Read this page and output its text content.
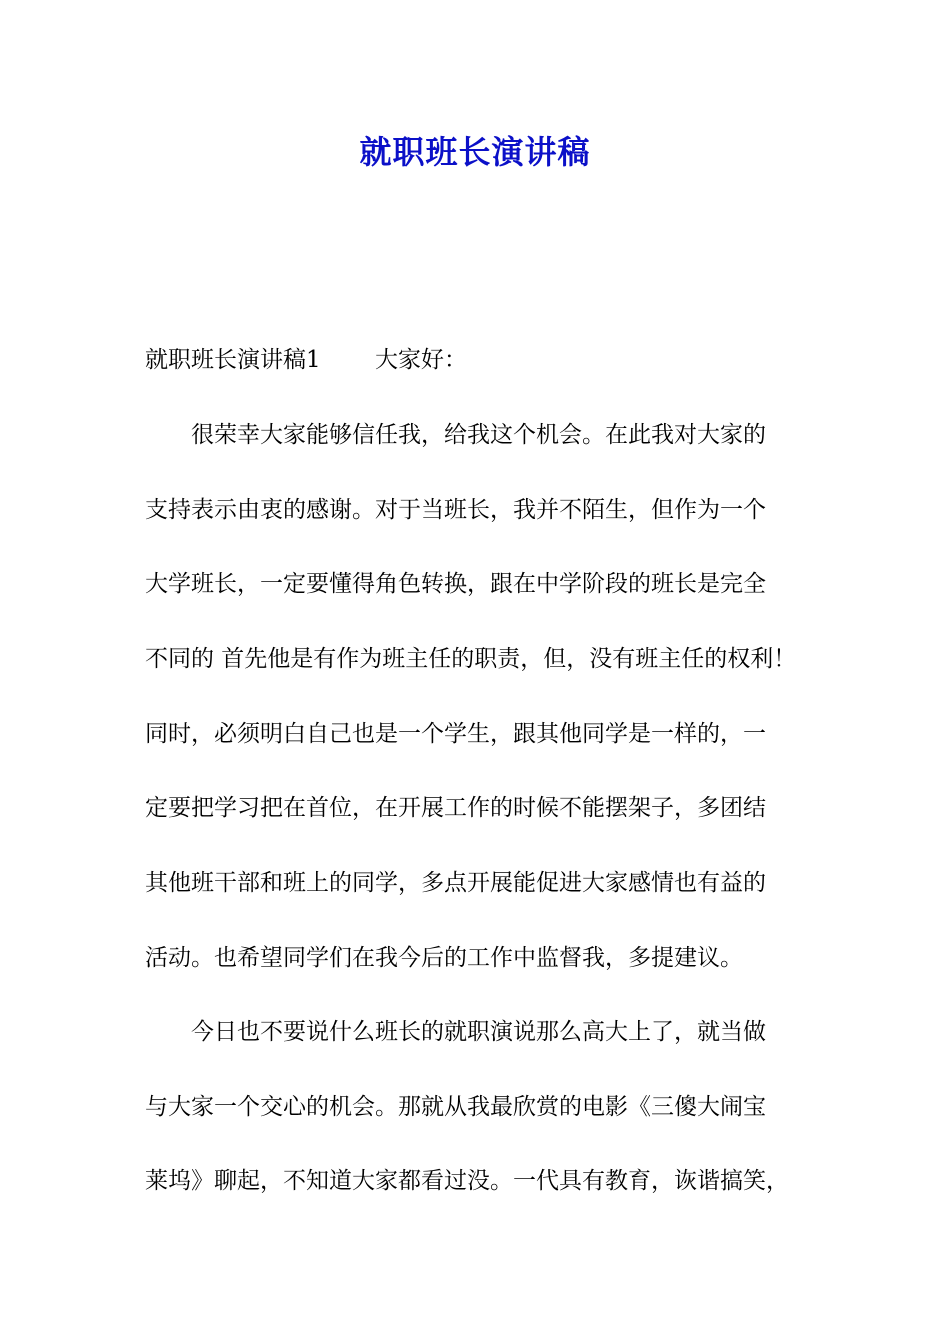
就职班长演讲稿

就职班长演讲稿1 大家好：

　　很荣幸大家能够信任我，给我这个机会。在此我对大家的

支持表示由衷的感谢。对于当班长，我并不陌生，但作为一个

大学班长，一定要懂得角色转换，跟在中学阶段的班长是完全

不同的 首先他是有作为班主任的职责，但，没有班主任的权利！

同时，必须明白自己也是一个学生，跟其他同学是一样的，一

定要把学习把在首位，在开展工作的时候不能摆架子，多团结

其他班干部和班上的同学，多点开展能促进大家感情也有益的

活动。也希望同学们在我今后的工作中监督我，多提建议。

　　今日也不要说什么班长的就职演说那么高大上了，就当做

与大家一个交心的机会。那就从我最欣赏的电影《三傻大闹宝

莱坞》聊起，不知道大家都看过没。一代具有教育，诙谐搞笑，
